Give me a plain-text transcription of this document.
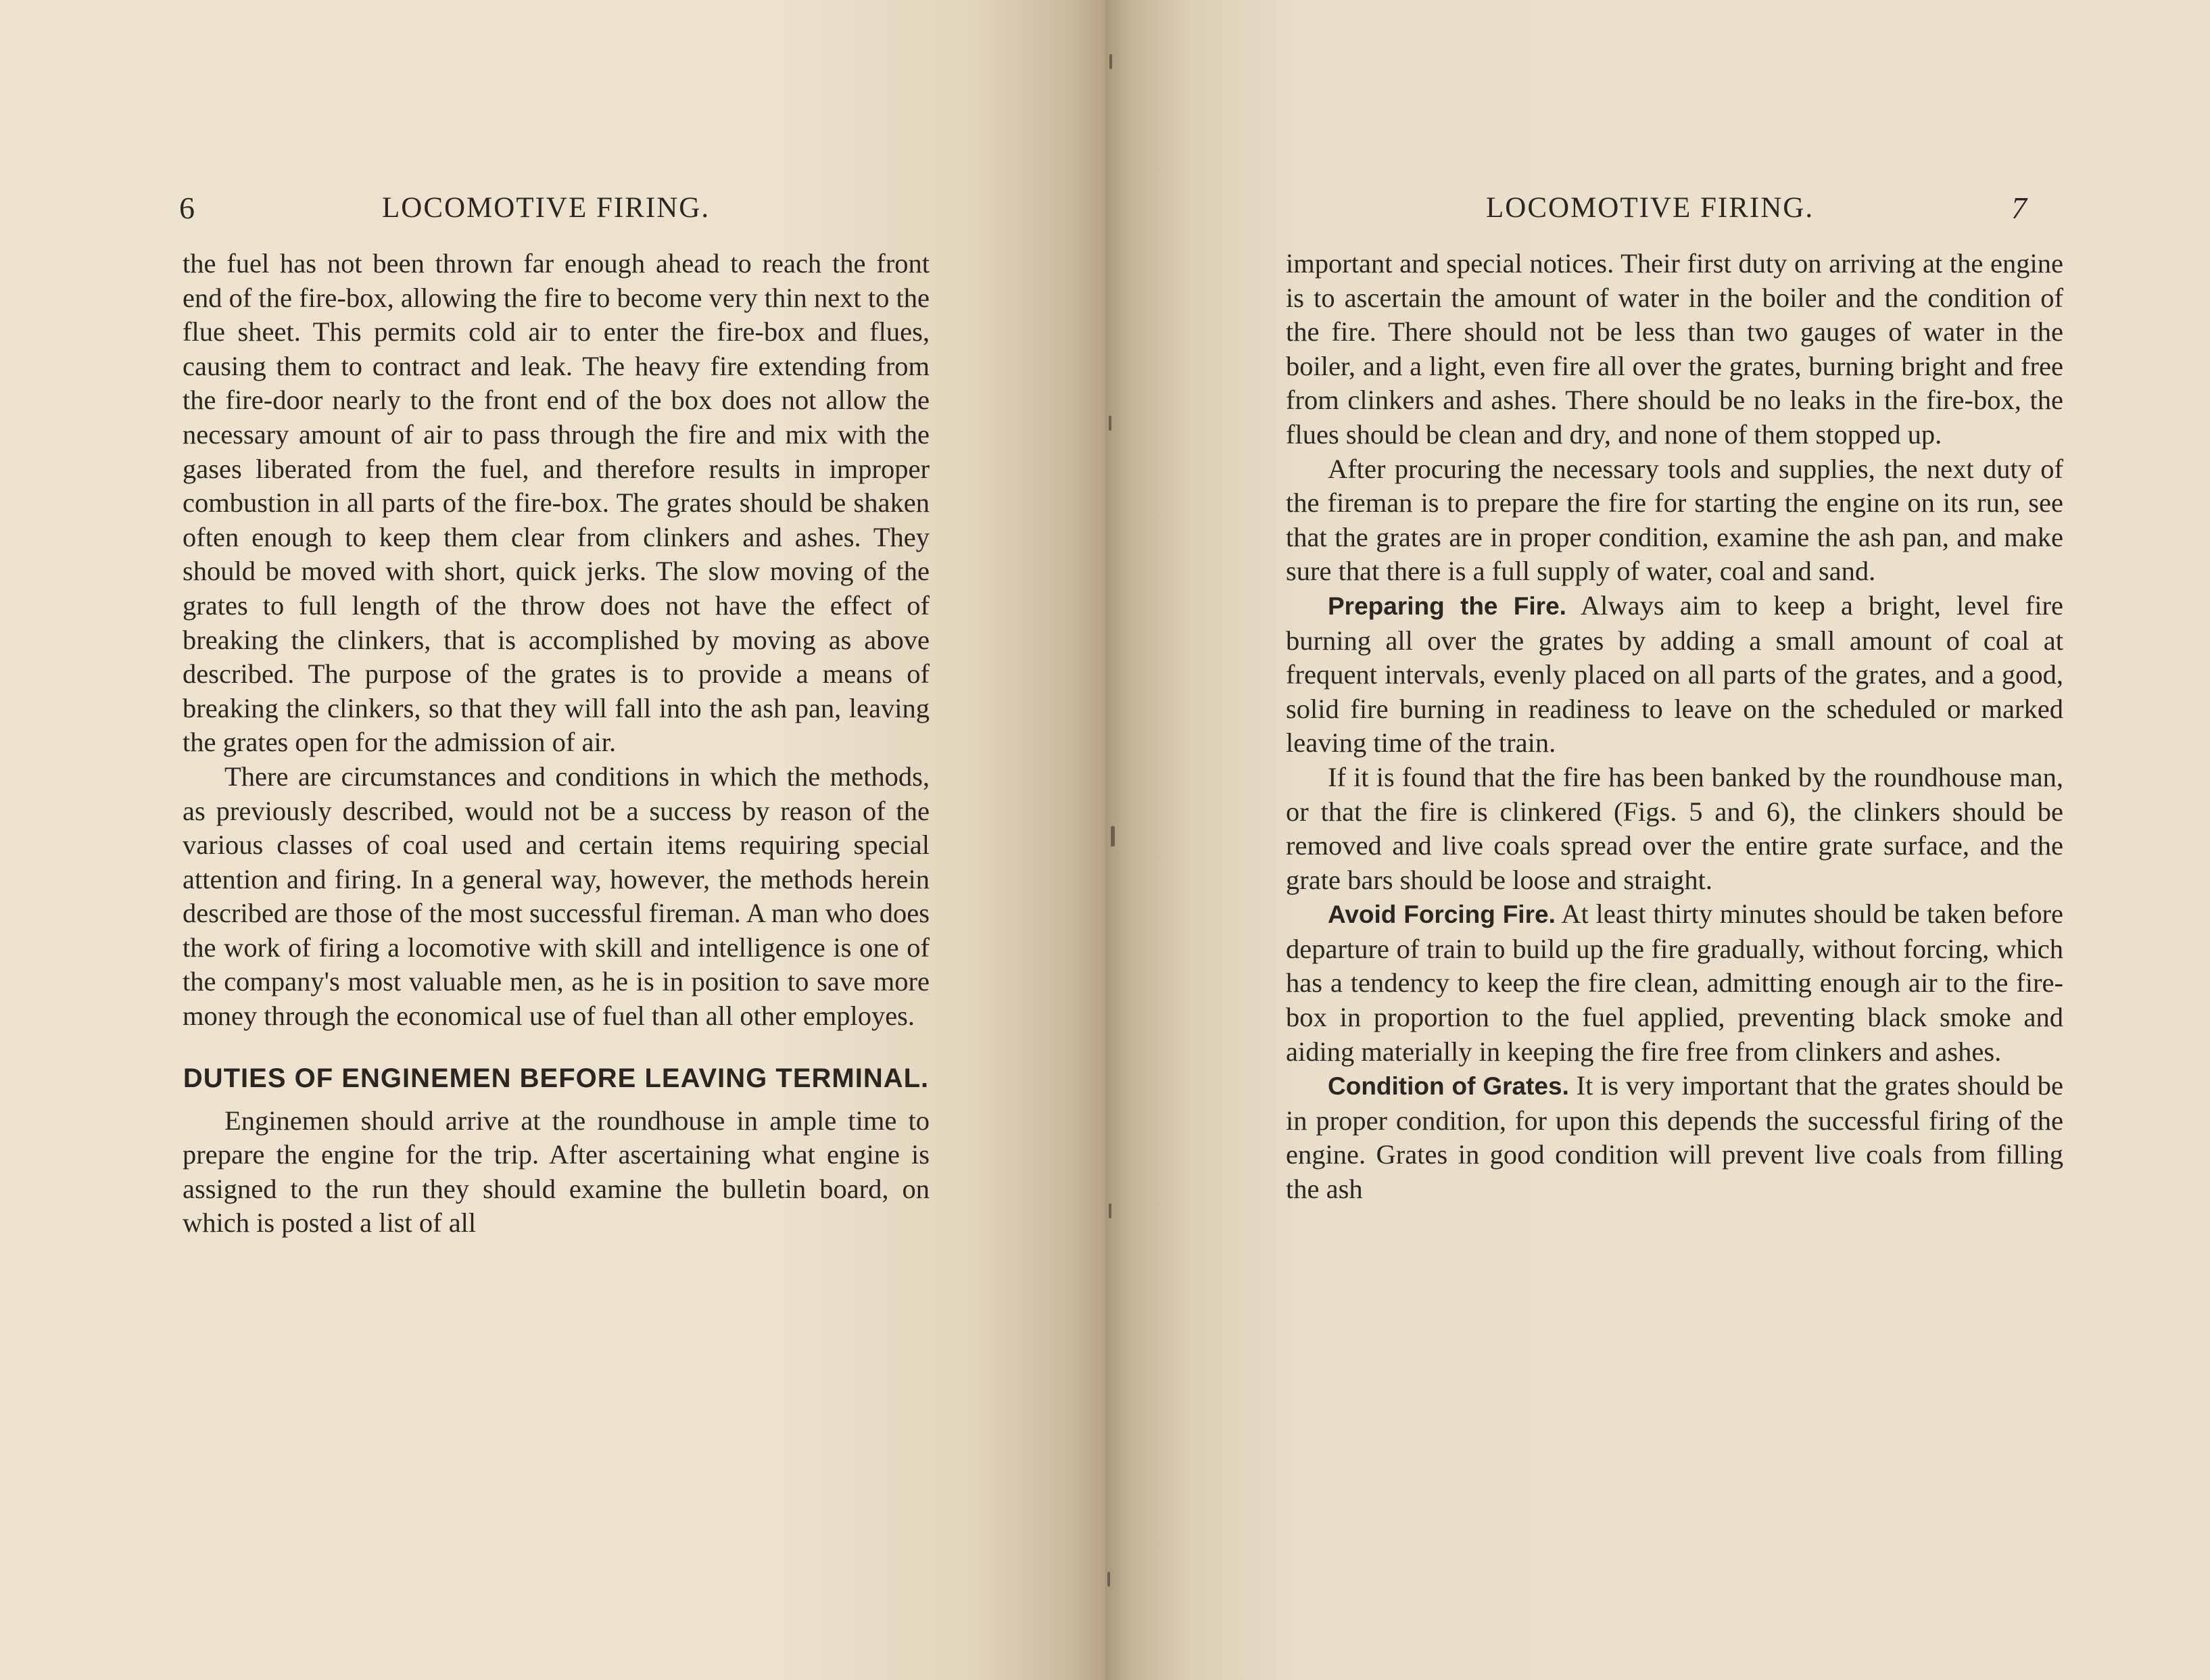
6	LOCOMOTIVE FIRING.

the fuel has not been thrown far enough ahead to reach the front end of the fire-box, allowing the fire to become very thin next to the flue sheet. This permits cold air to enter the fire-box and flues, causing them to contract and leak. The heavy fire extending from the fire-door nearly to the front end of the box does not allow the necessary amount of air to pass through the fire and mix with the gases liberated from the fuel, and therefore results in improper combustion in all parts of the fire-box. The grates should be shaken often enough to keep them clear from clinkers and ashes. They should be moved with short, quick jerks. The slow moving of the grates to full length of the throw does not have the effect of breaking the clinkers, that is accomplished by moving as above described. The purpose of the grates is to provide a means of breaking the clinkers, so that they will fall into the ash pan, leaving the grates open for the admission of air.

There are circumstances and conditions in which the methods, as previously described, would not be a success by reason of the various classes of coal used and certain items requiring special attention and firing. In a general way, however, the methods herein described are those of the most successful fireman. A man who does the work of firing a locomotive with skill and intelligence is one of the company's most valuable men, as he is in position to save more money through the economical use of fuel than all other employes.

DUTIES OF ENGINEMEN BEFORE LEAVING TERMINAL.

Enginemen should arrive at the roundhouse in ample time to prepare the engine for the trip. After ascertaining what engine is assigned to the run they should examine the bulletin board, on which is posted a list of all

LOCOMOTIVE FIRING.	7

important and special notices. Their first duty on arriving at the engine is to ascertain the amount of water in the boiler and the condition of the fire. There should not be less than two gauges of water in the boiler, and a light, even fire all over the grates, burning bright and free from clinkers and ashes. There should be no leaks in the fire-box, the flues should be clean and dry, and none of them stopped up.

After procuring the necessary tools and supplies, the next duty of the fireman is to prepare the fire for starting the engine on its run, see that the grates are in proper condition, examine the ash pan, and make sure that there is a full supply of water, coal and sand.

Preparing the Fire. Always aim to keep a bright, level fire burning all over the grates by adding a small amount of coal at frequent intervals, evenly placed on all parts of the grates, and a good, solid fire burning in readiness to leave on the scheduled or marked leaving time of the train.

If it is found that the fire has been banked by the roundhouse man, or that the fire is clinkered (Figs. 5 and 6), the clinkers should be removed and live coals spread over the entire grate surface, and the grate bars should be loose and straight.

Avoid Forcing Fire. At least thirty minutes should be taken before departure of train to build up the fire gradually, without forcing, which has a tendency to keep the fire clean, admitting enough air to the fire-box in proportion to the fuel applied, preventing black smoke and aiding materially in keeping the fire free from clinkers and ashes.

Condition of Grates. It is very important that the grates should be in proper condition, for upon this depends the successful firing of the engine. Grates in good condition will prevent live coals from filling the ash
